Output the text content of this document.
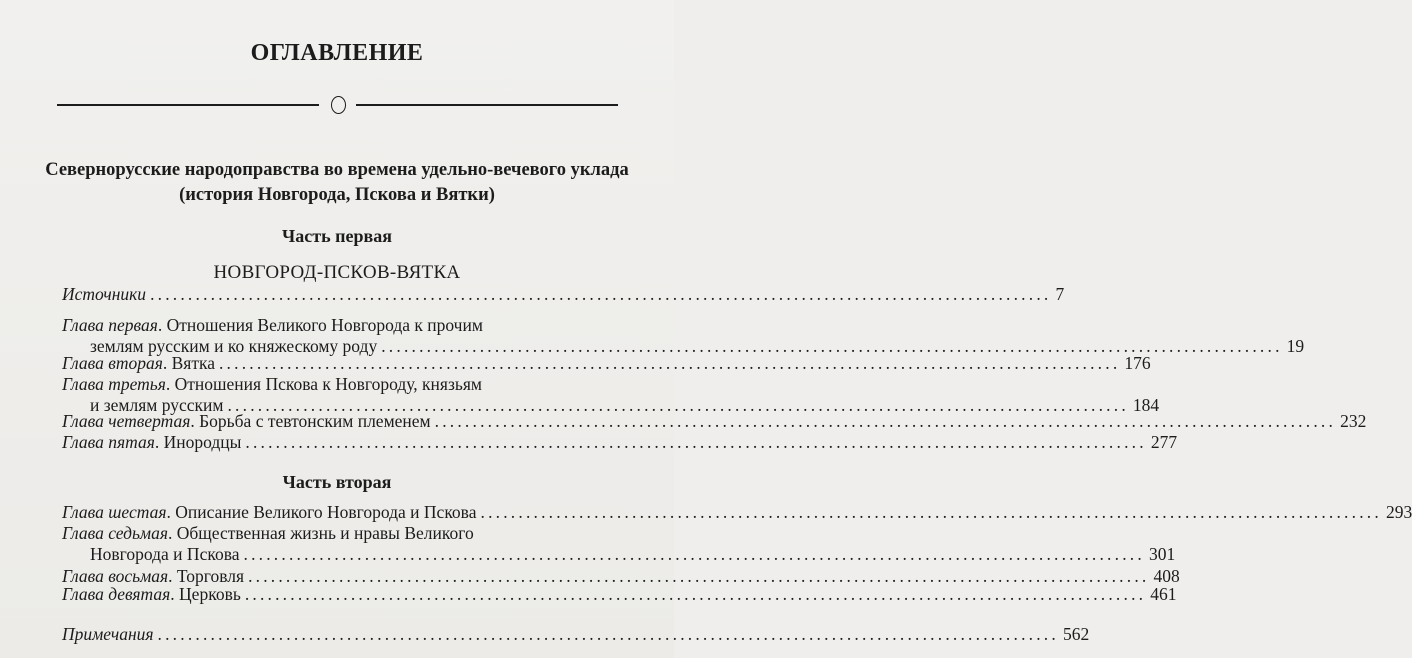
ОГЛАВЛЕНИЕ
Севернорусские народоправства во времена удельно-вечевого уклада
(история Новгорода, Пскова и Вятки)
Часть первая
НОВГОРОД-ПСКОВ-ВЯТКА
Источники ....................................................................................................................... 7
Глава первая. Отношения Великого Новгорода к прочим
землям русским и ко княжескому роду ....................................................................................................................... 19
Глава вторая. Вятка ....................................................................................................................... 176
Глава третья. Отношения Пскова к Новгороду, князьям
и землям русским ....................................................................................................................... 184
Глава четвертая. Борьба с тевтонским племенем ....................................................................................................................... 232
Глава пятая. Инородцы ....................................................................................................................... 277
Часть вторая
Глава шестая. Описание Великого Новгорода и Пскова ....................................................................................................................... 293
Глава седьмая. Общественная жизнь и нравы Великого
Новгорода и Пскова ....................................................................................................................... 301
Глава восьмая. Торговля ....................................................................................................................... 408
Глава девятая. Церковь ....................................................................................................................... 461
Примечания ....................................................................................................................... 562
